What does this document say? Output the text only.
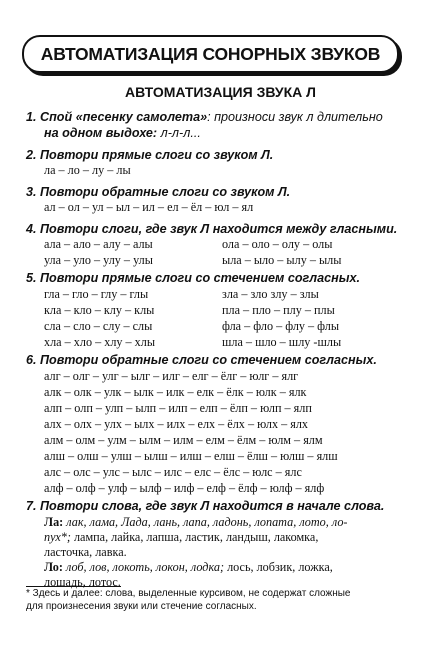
АВТОМАТИЗАЦИЯ СОНОРНЫХ ЗВУКОВ
АВТОМАТИЗАЦИЯ ЗВУКА Л
1. Спой «песенку самолета»: произноси звук л длительно
на одном выдохе: л-л-л...
2. Повтори прямые слоги со звуком Л.
ла – ло – лу – лы
3. Повтори обратные слоги со звуком Л.
ал – ол – ул – ыл – ил – ел – ёл – юл – ял
4. Повтори слоги, где звук Л находится между гласными.
ала – ало – алу – алы
ула – уло – улу – улы
ола – оло – олу – олы
ыла – ыло – ылу – ылы
5. Повтори прямые слоги со стечением согласных.
гла – гло – глу – глы
кла – кло – клу – клы
сла – сло – слу – слы
хла – хло – хлу – хлы
зла – зло злу – злы
пла – пло – плу – плы
фла – фло – флу – флы
шла – шло – шлу -шлы
6. Повтори обратные слоги со стечением согласных.
алг – олг – улг – ылг – илг – елг – ёлг – юлг – ялг
алк – олк – улк – ылк – илк – елк – ёлк – юлк – ялк
алп – олп – улп – ылп – илп – елп – ёлп – юлп – ялп
алх – олх – улх – ылх – илх – елх – ёлх – юлх – ялх
алм – олм – улм – ылм – илм – елм – ёлм – юлм – ялм
алш – олш – улш – ылш – илш – елш – ёлш – юлш – ялш
алс – олс – улс – ылс – илс – елс – ёлс – юлс – ялс
алф – олф – улф – ылф – илф – елф – ёлф – юлф – ялф
7. Повтори слова, где звук Л находится в начале слова.
Ла: лак, лама, Лада, лань, лапа, ладонь, лопата, лото, ло-
пух*; лампа, лайка, лапша, ластик, ландыш, лакомка,
ласточка, лавка.
Ло: лоб, лов, локоть, локон, лодка; лось, лобзик, ложка,
лошадь, лотос.
* Здесь и далее: слова, выделенные курсивом, не содержат сложные
для произнесения звуки или стечение согласных.
